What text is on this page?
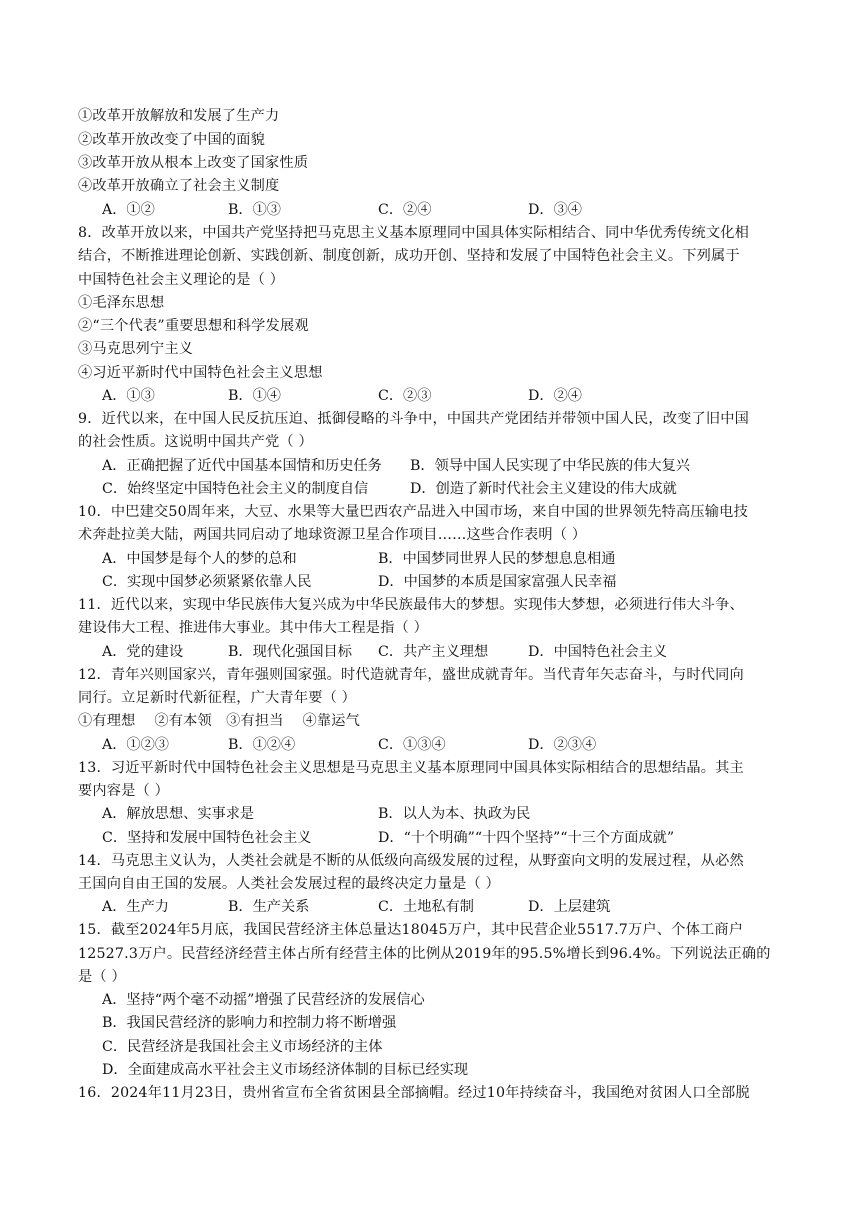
①改革开放解放和发展了生产力
②改革开放改变了中国的面貌
③改革开放从根本上改变了国家性质
④改革开放确立了社会主义制度
A．①②	B．①③	C．②④	D．③④
8．改革开放以来，中国共产党坚持把马克思主义基本原理同中国具体实际相结合、同中华优秀传统文化相
结合，不断推进理论创新、实践创新、制度创新，成功开创、坚持和发展了中国特色社会主义。下列属于
中国特色社会主义理论的是（ ）
①毛泽东思想
②“三个代表”重要思想和科学发展观
③马克思列宁主义
④习近平新时代中国特色社会主义思想
A．①③	B．①④	C．②③	D．②④
9．近代以来，在中国人民反抗压迫、抵御侵略的斗争中，中国共产党团结并带领中国人民，改变了旧中国
的社会性质。这说明中国共产党（ ）
A．正确把握了近代中国基本国情和历史任务 B．领导中国人民实现了中华民族的伟大复兴
C．始终坚定中国特色社会主义的制度自信	D．创造了新时代社会主义建设的伟大成就
10．中巴建交50周年来，大豆、水果等大量巴西农产品进入中国市场，来自中国的世界领先特高压输电技
术奔赴拉美大陆，两国共同启动了地球资源卫星合作项目……这些合作表明（ ）
A．中国梦是每个人的梦的总和	B．中国梦同世界人民的梦想息息相通
C．实现中国梦必须紧紧依靠人民	D．中国梦的本质是国家富强人民幸福
11．近代以来，实现中华民族伟大复兴成为中华民族最伟大的梦想。实现伟大梦想，必须进行伟大斗争、
建设伟大工程、推进伟大事业。其中伟大工程是指（ ）
A．党的建设	B．现代化强国目标 C．共产主义理想	D．中国特色社会主义
12．青年兴则国家兴，青年强则国家强。时代造就青年，盛世成就青年。当代青年矢志奋斗，与时代同向
同行。立足新时代新征程，广大青年要（ ）
①有理想    ②有本领   ③有担当    ④靠运气
A．①②③	B．①②④	C．①③④	D．②③④
13．习近平新时代中国特色社会主义思想是马克思主义基本原理同中国具体实际相结合的思想结晶。其主
要内容是（ ）
A．解放思想、实事求是	B．以人为本、执政为民
C．坚持和发展中国特色社会主义	D．“十个明确”“十四个坚持”“十三个方面成就”
14．马克思主义认为，人类社会就是不断的从低级向高级发展的过程，从野蛮向文明的发展过程，从必然
王国向自由王国的发展。人类社会发展过程的最终决定力量是（ ）
A．生产力	B．生产关系	C．土地私有制	D．上层建筑
15．截至2024年5月底，我国民营经济主体总量达18045万户，其中民营企业5517.7万户、个体工商户
12527.3万户。民营经济经营主体占所有经营主体的比例从2019年的95.5%增长到96.4%。下列说法正确的
是（ ）
A．坚持“两个毫不动摇”增强了民营经济的发展信心
B．我国民营经济的影响力和控制力将不断增强
C．民营经济是我国社会主义市场经济的主体
D．全面建成高水平社会主义市场经济体制的目标已经实现
16．2024年11月23日，贵州省宣布全省贫困县全部摘帽。经过10年持续奋斗，我国绝对贫困人口全部脱
